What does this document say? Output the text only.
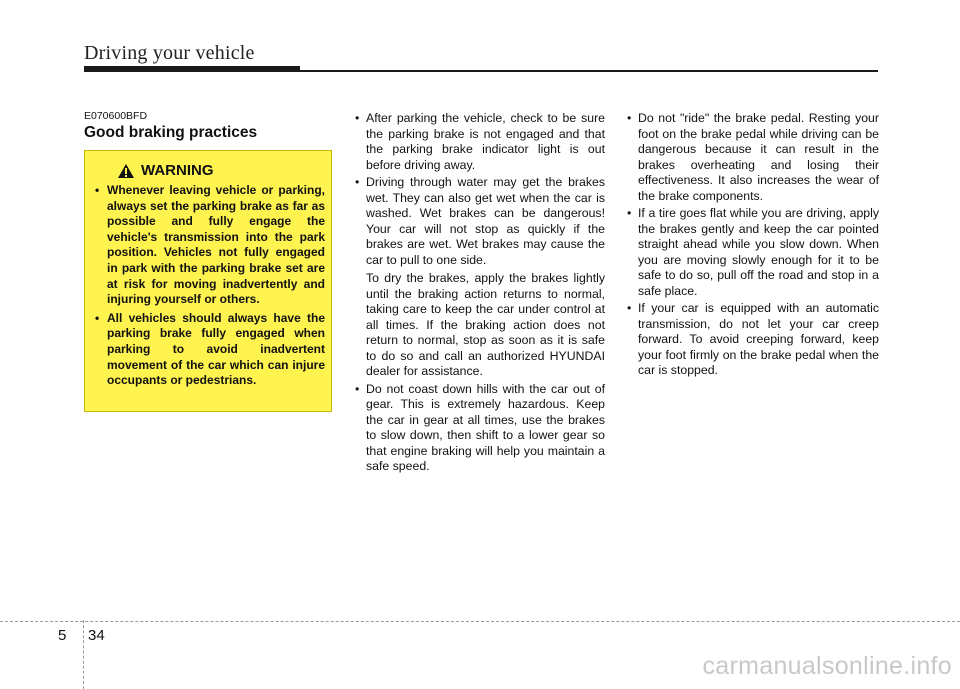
Driving your vehicle
E070600BFD
Good braking practices
WARNING
• Whenever leaving vehicle or parking, always set the parking brake as far as possible and fully engage the vehicle's transmission into the park position. Vehicles not fully engaged in park with the parking brake set are at risk for moving inadvertently and injuring yourself or others.
• All vehicles should always have the parking brake fully engaged when parking to avoid inadvertent movement of the car which can injure occupants or pedestrians.
• After parking the vehicle, check to be sure the parking brake is not engaged and that the parking brake indicator light is out before driving away.
• Driving through water may get the brakes wet. They can also get wet when the car is washed. Wet brakes can be dangerous! Your car will not stop as quickly if the brakes are wet. Wet brakes may cause the car to pull to one side.
To dry the brakes, apply the brakes lightly until the braking action returns to normal, taking care to keep the car under control at all times. If the braking action does not return to normal, stop as soon as it is safe to do so and call an authorized HYUNDAI dealer for assistance.
• Do not coast down hills with the car out of gear. This is extremely hazardous. Keep the car in gear at all times, use the brakes to slow down, then shift to a lower gear so that engine braking will help you maintain a safe speed.
• Do not "ride" the brake pedal. Resting your foot on the brake pedal while driving can be dangerous because it can result in the brakes overheating and losing their effectiveness. It also increases the wear of the brake components.
• If a tire goes flat while you are driving, apply the brakes gently and keep the car pointed straight ahead while you slow down. When you are moving slowly enough for it to be safe to do so, pull off the road and stop in a safe place.
• If your car is equipped with an automatic transmission, do not let your car creep forward. To avoid creeping forward, keep your foot firmly on the brake pedal when the car is stopped.
5 34
carmanualsonline.info
